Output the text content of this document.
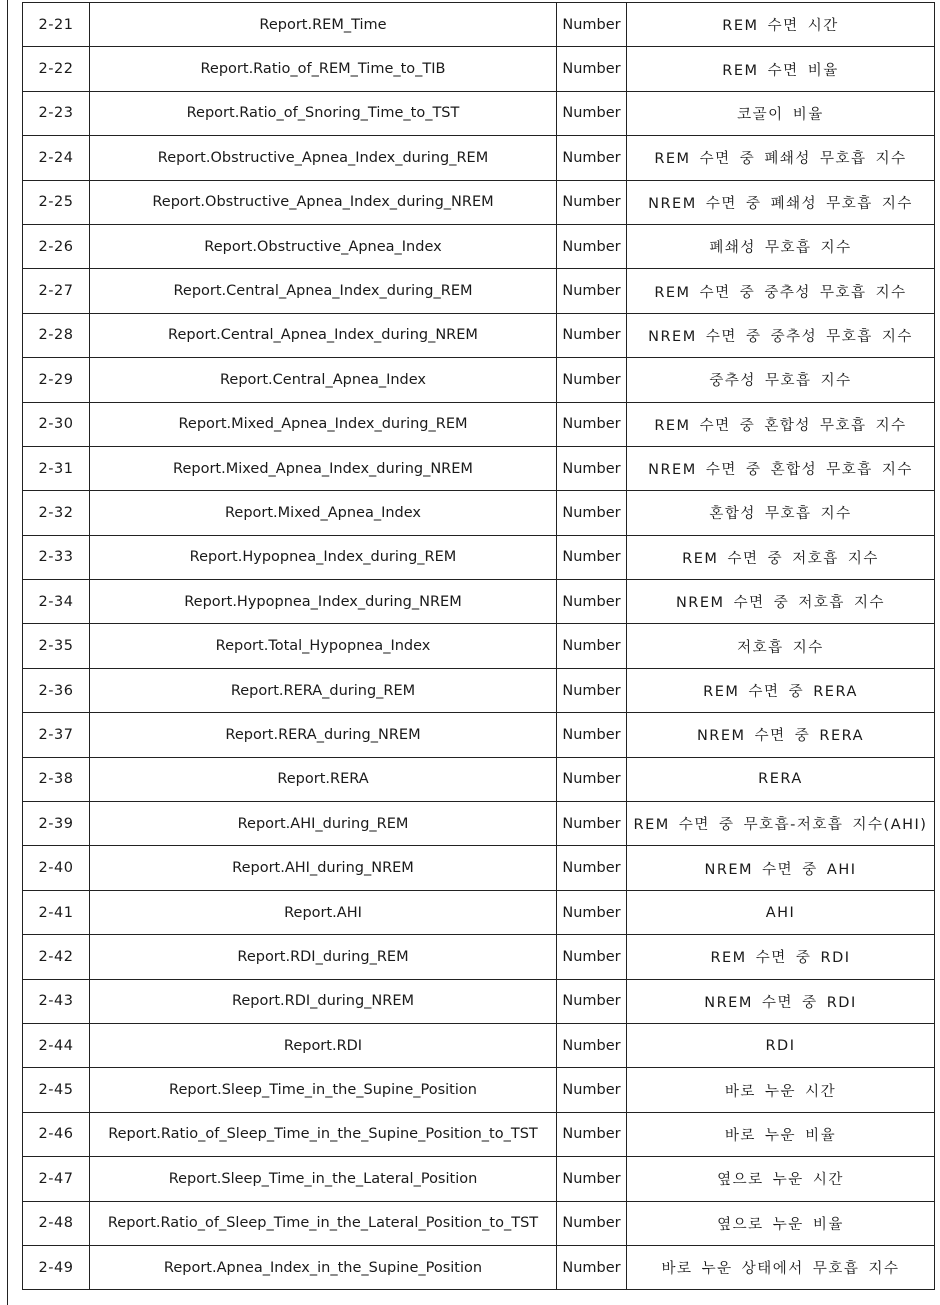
2-21	Report.REM_Time	Number	REM 수면 시간
2-22	Report.Ratio_of_REM_Time_to_TIB	Number	REM 수면 비율
2-23	Report.Ratio_of_Snoring_Time_to_TST	Number	코골이 비율
2-24	Report.Obstructive_Apnea_Index_during_REM	Number	REM 수면 중 폐쇄성 무호흡 지수
2-25	Report.Obstructive_Apnea_Index_during_NREM	Number	NREM 수면 중 폐쇄성 무호흡 지수
2-26	Report.Obstructive_Apnea_Index	Number	폐쇄성 무호흡 지수
2-27	Report.Central_Apnea_Index_during_REM	Number	REM 수면 중 중추성 무호흡 지수
2-28	Report.Central_Apnea_Index_during_NREM	Number	NREM 수면 중 중추성 무호흡 지수
2-29	Report.Central_Apnea_Index	Number	중추성 무호흡 지수
2-30	Report.Mixed_Apnea_Index_during_REM	Number	REM 수면 중 혼합성 무호흡 지수
2-31	Report.Mixed_Apnea_Index_during_NREM	Number	NREM 수면 중 혼합성 무호흡 지수
2-32	Report.Mixed_Apnea_Index	Number	혼합성 무호흡 지수
2-33	Report.Hypopnea_Index_during_REM	Number	REM 수면 중 저호흡 지수
2-34	Report.Hypopnea_Index_during_NREM	Number	NREM 수면 중 저호흡 지수
2-35	Report.Total_Hypopnea_Index	Number	저호흡 지수
2-36	Report.RERA_during_REM	Number	REM 수면 중 RERA
2-37	Report.RERA_during_NREM	Number	NREM 수면 중 RERA
2-38	Report.RERA	Number	RERA
2-39	Report.AHI_during_REM	Number	REM 수면 중 무호흡-저호흡 지수(AHI)
2-40	Report.AHI_during_NREM	Number	NREM 수면 중 AHI
2-41	Report.AHI	Number	AHI
2-42	Report.RDI_during_REM	Number	REM 수면 중 RDI
2-43	Report.RDI_during_NREM	Number	NREM 수면 중 RDI
2-44	Report.RDI	Number	RDI
2-45	Report.Sleep_Time_in_the_Supine_Position	Number	바로 누운 시간
2-46	Report.Ratio_of_Sleep_Time_in_the_Supine_Position_to_TST	Number	바로 누운 비율
2-47	Report.Sleep_Time_in_the_Lateral_Position	Number	옆으로 누운 시간
2-48	Report.Ratio_of_Sleep_Time_in_the_Lateral_Position_to_TST	Number	옆으로 누운 비율
2-49	Report.Apnea_Index_in_the_Supine_Position	Number	바로 누운 상태에서 무호흡 지수
